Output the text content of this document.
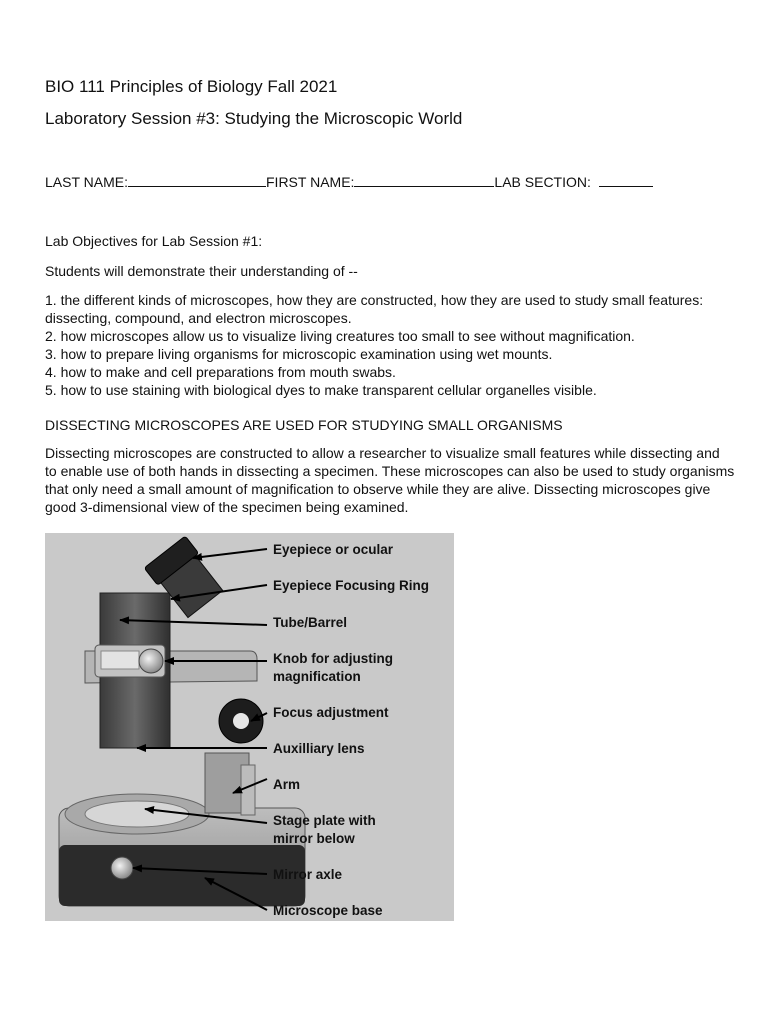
BIO 111 Principles of Biology Fall 2021
Laboratory Session #3: Studying the Microscopic World
LAST NAME:	FIRST NAME:	LAB SECTION:

Lab Objectives for Lab Session #1:

Students will demonstrate their understanding of --

1. the different kinds of microscopes, how they are constructed, how they are used to study small features: dissecting, compound, and electron microscopes.
2. how microscopes allow us to visualize living creatures too small to see without magnification.
3. how to prepare living organisms for microscopic examination using wet mounts.
4. how to make and cell preparations from mouth swabs.
5. how to use staining with biological dyes to make transparent cellular organelles visible.

DISSECTING MICROSCOPES ARE USED FOR STUDYING SMALL ORGANISMS

Dissecting microscopes are constructed to allow a researcher to visualize small features while dissecting and to enable use of both hands in dissecting a specimen. These microscopes can also be used to study organisms that only need a small amount of magnification to observe while they are alive. Dissecting microscopes give good 3-dimensional view of the specimen being examined.

Eyepiece or ocular
Eyepiece Focusing Ring
Tube/Barrel
Knob for adjusting
magnification
Focus adjustment
Auxilliary lens
Arm
Stage plate with
mirror below
Mirror axle
Microscope base
